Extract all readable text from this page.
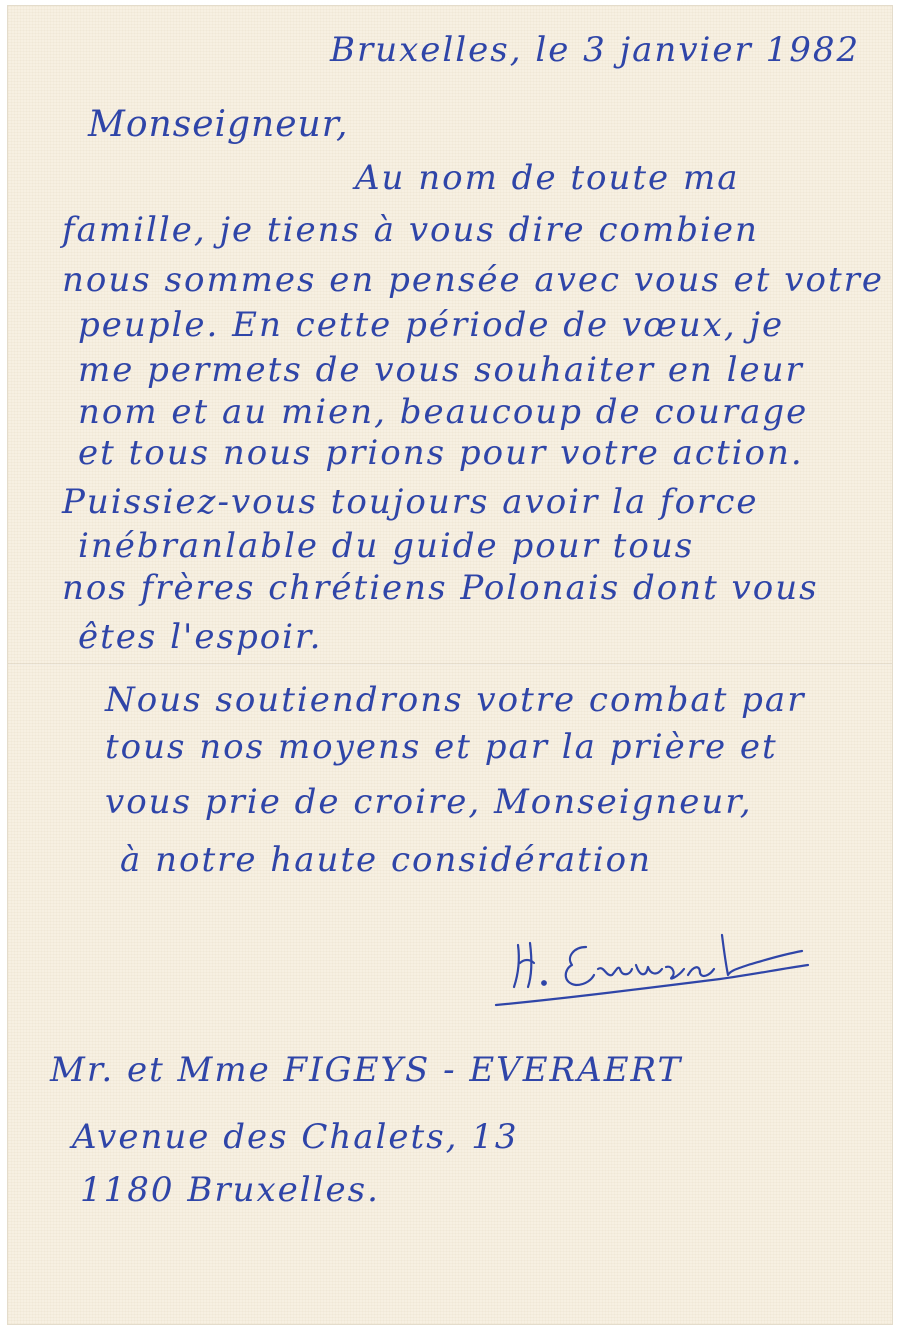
Bruxelles, le 3 janvier 1982
Monseigneur,
Au nom de toute ma
famille, je tiens à vous dire combien
nous sommes en pensée avec vous et votre
peuple. En cette période de vœux, je
me permets de vous souhaiter en leur
nom et au mien, beaucoup de courage
et tous nous prions pour votre action.
Puissiez-vous toujours avoir la force
inébranlable du guide pour tous
nos frères chrétiens Polonais dont vous
êtes l'espoir.
Nous soutiendrons votre combat par
tous nos moyens et par la prière et
vous prie de croire, Monseigneur,
à notre haute considération
Mr. et Mme FIGEYS - EVERAERT
Avenue des Chalets, 13
1180 Bruxelles.
